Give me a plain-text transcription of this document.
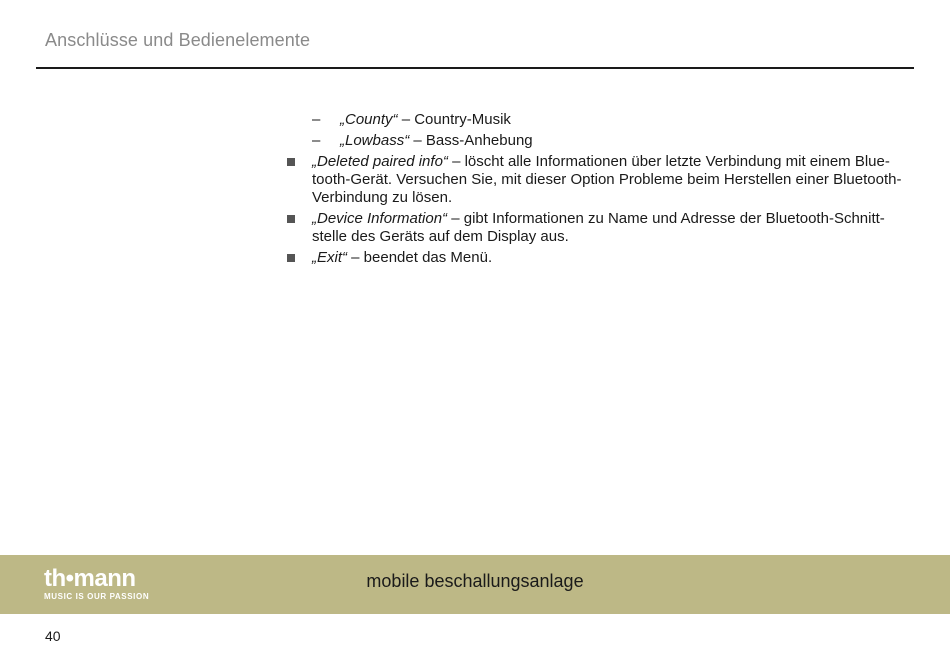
Anschlüsse und Bedienelemente
– „County“ – Country-Musik
– „Lowbass“ – Bass-Anhebung
„Deleted paired info“ – löscht alle Informationen über letzte Verbindung mit einem Blue-
tooth-Gerät. Versuchen Sie, mit dieser Option Probleme beim Herstellen einer Bluetooth-
Verbindung zu lösen.
„Device Information“ – gibt Informationen zu Name und Adresse der Bluetooth-Schnitt-
stelle des Geräts auf dem Display aus.
„Exit“ – beendet das Menü.
th•mann
MUSIC IS OUR PASSION
mobile beschallungsanlage
40
